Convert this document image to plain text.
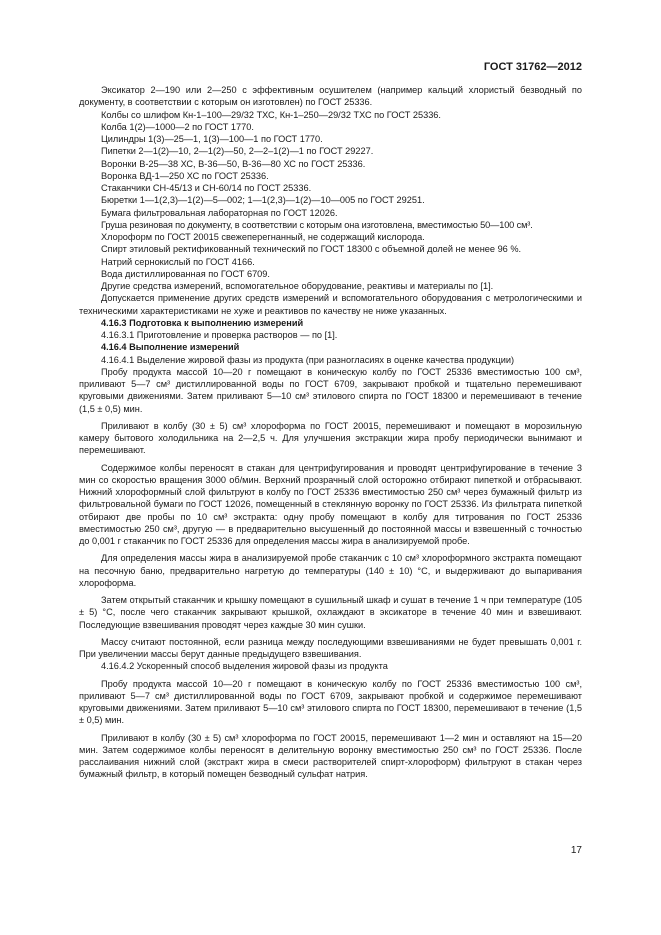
ГОСТ 31762—2012

Эксикатор 2—190 или 2—250 с эффективным осушителем (например кальций хлористый безводный по документу, в соответствии с которым он изготовлен) по ГОСТ 25336.

Колбы со шлифом Кн-1–100—29/32 ТХС, Кн-1–250—29/32 ТХС по ГОСТ 25336.

Колба 1(2)—1000—2 по ГОСТ 1770.

Цилиндры 1(3)—25—1, 1(3)—100—1 по ГОСТ 1770.

Пипетки 2—1(2)—10, 2—1(2)—50, 2—2–1(2)—1 по ГОСТ 29227.

Воронки В-25—38 ХС, В-36—50, В-36—80 ХС по ГОСТ 25336.

Воронка ВД-1—250 ХС по ГОСТ 25336.

Стаканчики СН-45/13 и СН-60/14 по ГОСТ 25336.

Бюретки 1—1(2,3)—1(2)—5—002; 1—1(2,3)—1(2)—10—005 по ГОСТ 29251.

Бумага фильтровальная лабораторная по ГОСТ 12026.

Груша резиновая по документу, в соответствии с которым она изготовлена, вместимостью 50—100 см³.

Хлороформ по ГОСТ 20015 свежеперегнанный, не содержащий кислорода.

Спирт этиловый ректификованный технический по ГОСТ 18300 с объемной долей не менее 96 %.

Натрий сернокислый по ГОСТ 4166.

Вода дистиллированная по ГОСТ 6709.

Другие средства измерений, вспомогательное оборудование, реактивы и материалы по [1].

Допускается применение других средств измерений и вспомогательного оборудования с метрологическими и техническими характеристиками не хуже и реактивов по качеству не ниже указанных.

4.16.3 Подготовка к выполнению измерений

4.16.3.1 Приготовление и проверка растворов — по [1].

4.16.4 Выполнение измерений

4.16.4.1 Выделение жировой фазы из продукта (при разногласиях в оценке качества продукции)

Пробу продукта массой 10—20 г помещают в коническую колбу по ГОСТ 25336 вместимостью 100 см³, приливают 5—7 см³ дистиллированной воды по ГОСТ 6709, закрывают пробкой и тщательно перемешивают круговыми движениями. Затем приливают 5—10 см³ этилового спирта по ГОСТ 18300 и перемешивают в течение (1,5 ± 0,5) мин.

Приливают в колбу (30 ± 5) см³ хлороформа по ГОСТ 20015, перемешивают и помещают в морозильную камеру бытового холодильника на 2—2,5 ч. Для улучшения экстракции жира пробу периодически вынимают и перемешивают.

Содержимое колбы переносят в стакан для центрифугирования и проводят центрифугирование в течение 3 мин со скоростью вращения 3000 об/мин. Верхний прозрачный слой осторожно отбирают пипеткой и отбрасывают. Нижний хлороформный слой фильтруют в колбу по ГОСТ 25336 вместимостью 250 см³ через бумажный фильтр из фильтровальной бумаги по ГОСТ 12026, помещенный в стеклянную воронку по ГОСТ 25336. Из фильтрата пипеткой отбирают две пробы по 10 см³ экстракта: одну пробу помещают в колбу для титрования по ГОСТ 25336 вместимостью 250 см³, другую — в предварительно высушенный до постоянной массы и взвешенный с точностью до 0,001 г стаканчик по ГОСТ 25336 для определения массы жира в анализируемой пробе.

Для определения массы жира в анализируемой пробе стаканчик с 10 см³ хлороформного экстракта помещают на песочную баню, предварительно нагретую до температуры (140 ± 10) °С, и выдерживают до выпаривания хлороформа.

Затем открытый стаканчик и крышку помещают в сушильный шкаф и сушат в течение 1 ч при температуре (105 ± 5) °С, после чего стаканчик закрывают крышкой, охлаждают в эксикаторе в течение 40 мин и взвешивают. Последующие взвешивания проводят через каждые 30 мин сушки.

Массу считают постоянной, если разница между последующими взвешиваниями не будет превышать 0,001 г. При увеличении массы берут данные предыдущего взвешивания.

4.16.4.2 Ускоренный способ выделения жировой фазы из продукта

Пробу продукта массой 10—20 г помещают в коническую колбу по ГОСТ 25336 вместимостью 100 см³, приливают 5—7 см³ дистиллированной воды по ГОСТ 6709, закрывают пробкой и содержимое перемешивают круговыми движениями. Затем приливают 5—10 см³ этилового спирта по ГОСТ 18300, перемешивают в течение (1,5 ± 0,5) мин.

Приливают в колбу (30 ± 5) см³ хлороформа по ГОСТ 20015, перемешивают 1—2 мин и оставляют на 15—20 мин. Затем содержимое колбы переносят в делительную воронку вместимостью 250 см³ по ГОСТ 25336. После расслаивания нижний слой (экстракт жира в смеси растворителей спирт-хлороформ) фильтруют в стакан через бумажный фильтр, в который помещен безводный сульфат натрия.

17
